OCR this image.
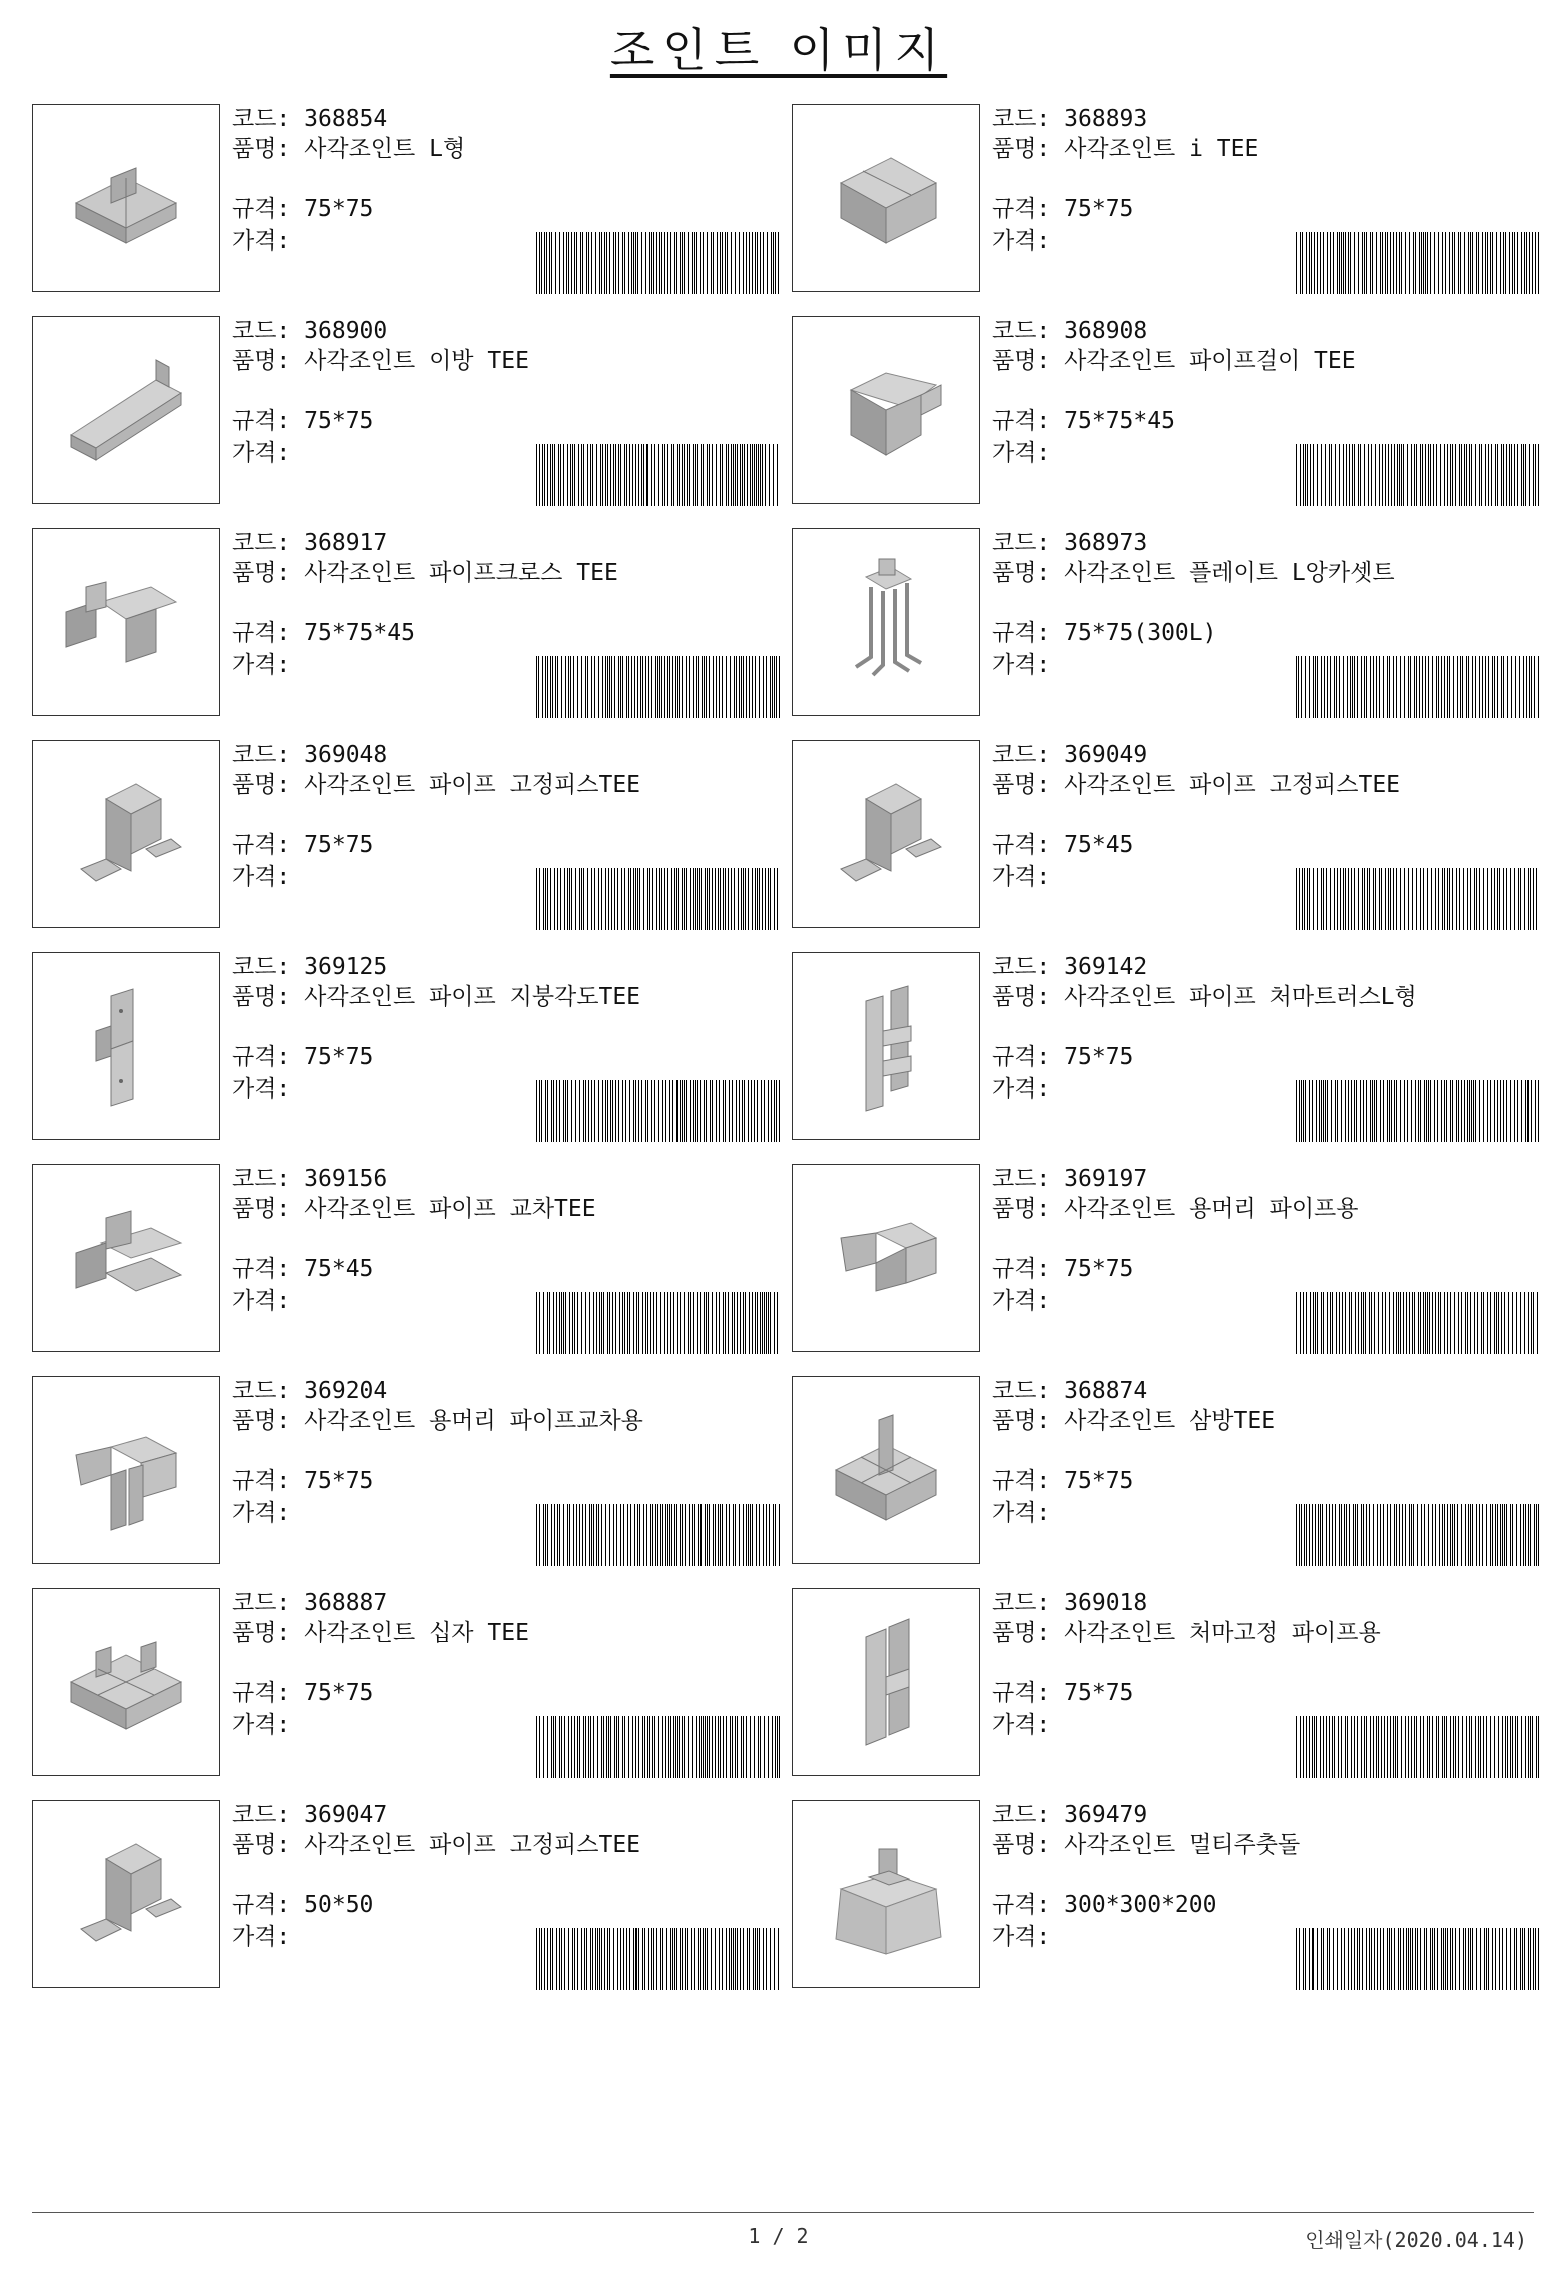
조인트 이미지
코드: 368854
품명: 사각조인트 L형
규격: 75*75
가격:
코드: 368893
품명: 사각조인트 i TEE
규격: 75*75
가격:
코드: 368900
품명: 사각조인트 이방 TEE
규격: 75*75
가격:
코드: 368908
품명: 사각조인트 파이프걸이 TEE
규격: 75*75*45
가격:
코드: 368917
품명: 사각조인트 파이프크로스 TEE
규격: 75*75*45
가격:
코드: 368973
품명: 사각조인트 플레이트 L앙카셋트
규격: 75*75(300L)
가격:
코드: 369048
품명: 사각조인트 파이프 고정피스TEE
규격: 75*75
가격:
코드: 369049
품명: 사각조인트 파이프 고정피스TEE
규격: 75*45
가격:
코드: 369125
품명: 사각조인트 파이프 지붕각도TEE
규격: 75*75
가격:
코드: 369142
품명: 사각조인트 파이프 처마트러스L형
규격: 75*75
가격:
코드: 369156
품명: 사각조인트 파이프 교차TEE
규격: 75*45
가격:
코드: 369197
품명: 사각조인트 용머리 파이프용
규격: 75*75
가격:
코드: 369204
품명: 사각조인트 용머리 파이프교차용
규격: 75*75
가격:
코드: 368874
품명: 사각조인트 삼방TEE
규격: 75*75
가격:
코드: 368887
품명: 사각조인트 십자 TEE
규격: 75*75
가격:
코드: 369018
품명: 사각조인트 처마고정 파이프용
규격: 75*75
가격:
코드: 369047
품명: 사각조인트 파이프 고정피스TEE
규격: 50*50
가격:
코드: 369479
품명: 사각조인트 멀티주춧돌
규격: 300*300*200
가격:
1 / 2	인쇄일자(2020.04.14)
